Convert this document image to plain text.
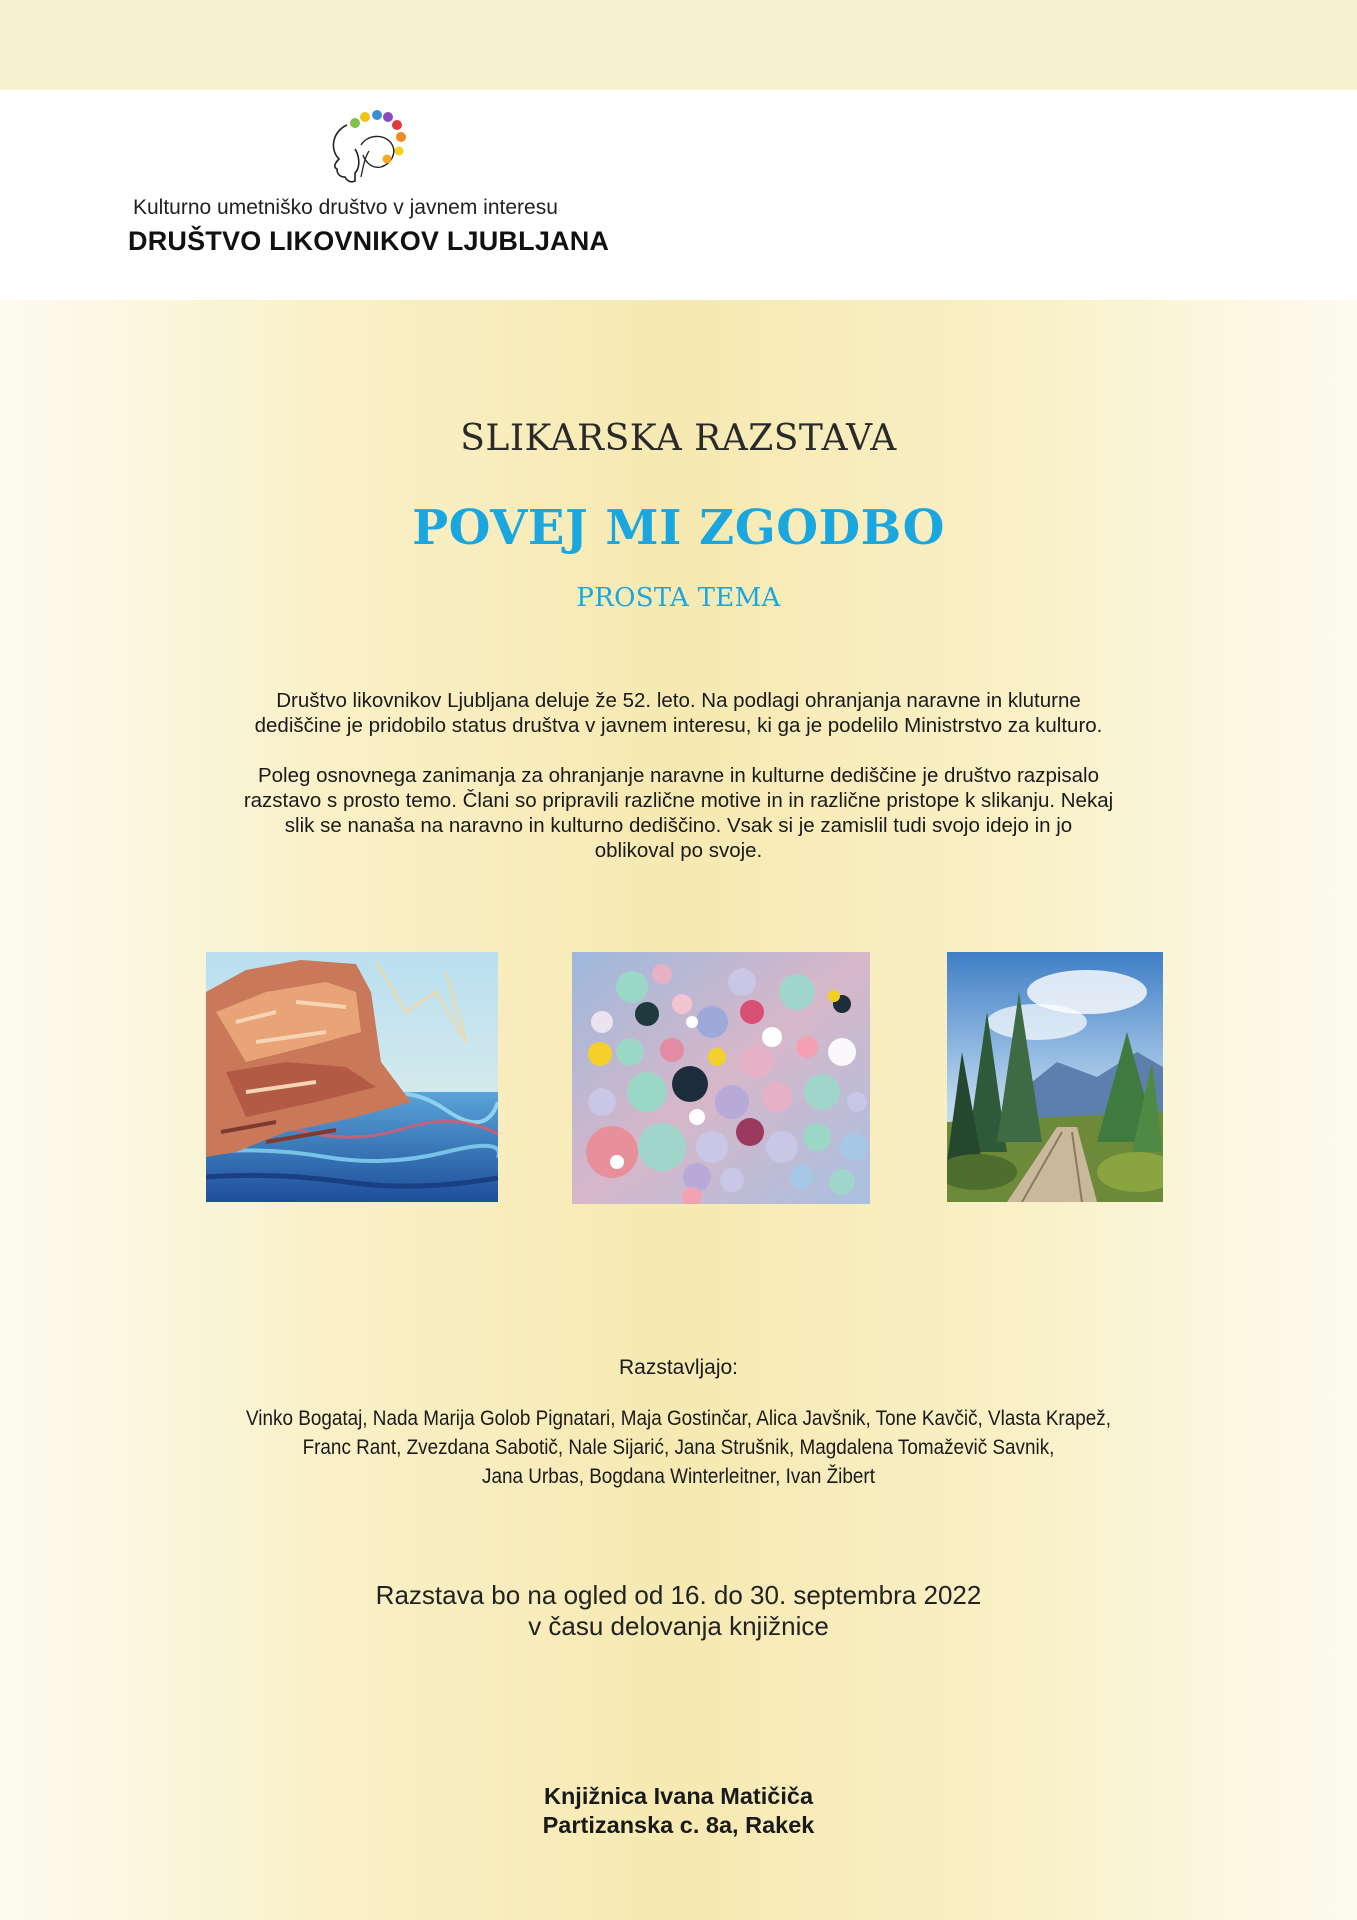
Kulturno umetniško društvo v javnem interesu
DRUŠTVO LIKOVNIKOV LJUBLJANA
SLIKARSKA RAZSTAVA
POVEJ MI ZGODBO
PROSTA TEMA
Društvo likovnikov Ljubljana deluje že 52. leto. Na podlagi ohranjanja naravne in kluturne
dediščine je pridobilo status društva v javnem interesu, ki ga je podelilo Ministrstvo za kulturo.
Poleg osnovnega zanimanja za ohranjanje naravne in kulturne dediščine je društvo razpisalo
razstavo s prosto temo. Člani so pripravili različne motive in in različne pristope k slikanju. Nekaj
slik se nanaša na naravno in kulturno dediščino. Vsak si je zamislil tudi svojo idejo in jo
oblikoval po svoje.
Razstavljajo:
Vinko Bogataj, Nada Marija Golob Pignatari, Maja Gostinčar, Alica Javšnik, Tone Kavčič, Vlasta Krapež,
Franc Rant, Zvezdana Sabotič, Nale Sijarić, Jana Strušnik, Magdalena Tomaževič Savnik,
Jana Urbas, Bogdana Winterleitner, Ivan Žibert
Razstava bo na ogled od 16. do 30. septembra 2022
v času delovanja knjižnice
Knjižnica Ivana Matičiča
Partizanska c. 8a, Rakek
